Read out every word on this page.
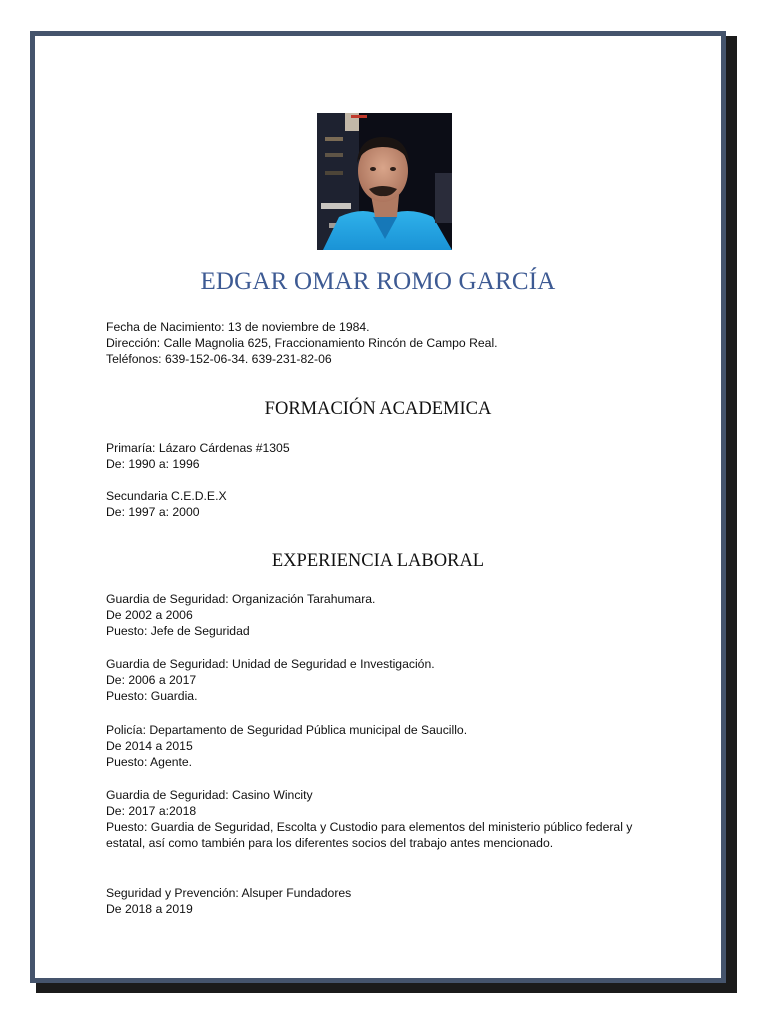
EDGAR OMAR ROMO GARCÍA
Fecha de Nacimiento: 13 de noviembre de 1984.
Dirección: Calle Magnolia 625, Fraccionamiento Rincón de Campo Real.
Teléfonos: 639-152-06-34. 639-231-82-06
FORMACIÓN ACADEMICA
Primaría: Lázaro Cárdenas #1305
De: 1990 a: 1996
Secundaria C.E.D.E.X
De: 1997 a: 2000
EXPERIENCIA LABORAL
Guardia de Seguridad: Organización Tarahumara.
De 2002 a 2006
Puesto: Jefe de Seguridad
Guardia de Seguridad: Unidad de Seguridad e Investigación.
De: 2006 a 2017
Puesto: Guardia.
Policía: Departamento de Seguridad Pública municipal de Saucillo.
De 2014 a 2015
Puesto: Agente.
Guardia de Seguridad: Casino Wincity
De: 2017 a:2018
Puesto: Guardia de Seguridad, Escolta y Custodio para elementos del ministerio público federal y estatal, así como también para los diferentes socios del trabajo antes mencionado.
Seguridad y Prevención: Alsuper Fundadores
De 2018 a 2019
